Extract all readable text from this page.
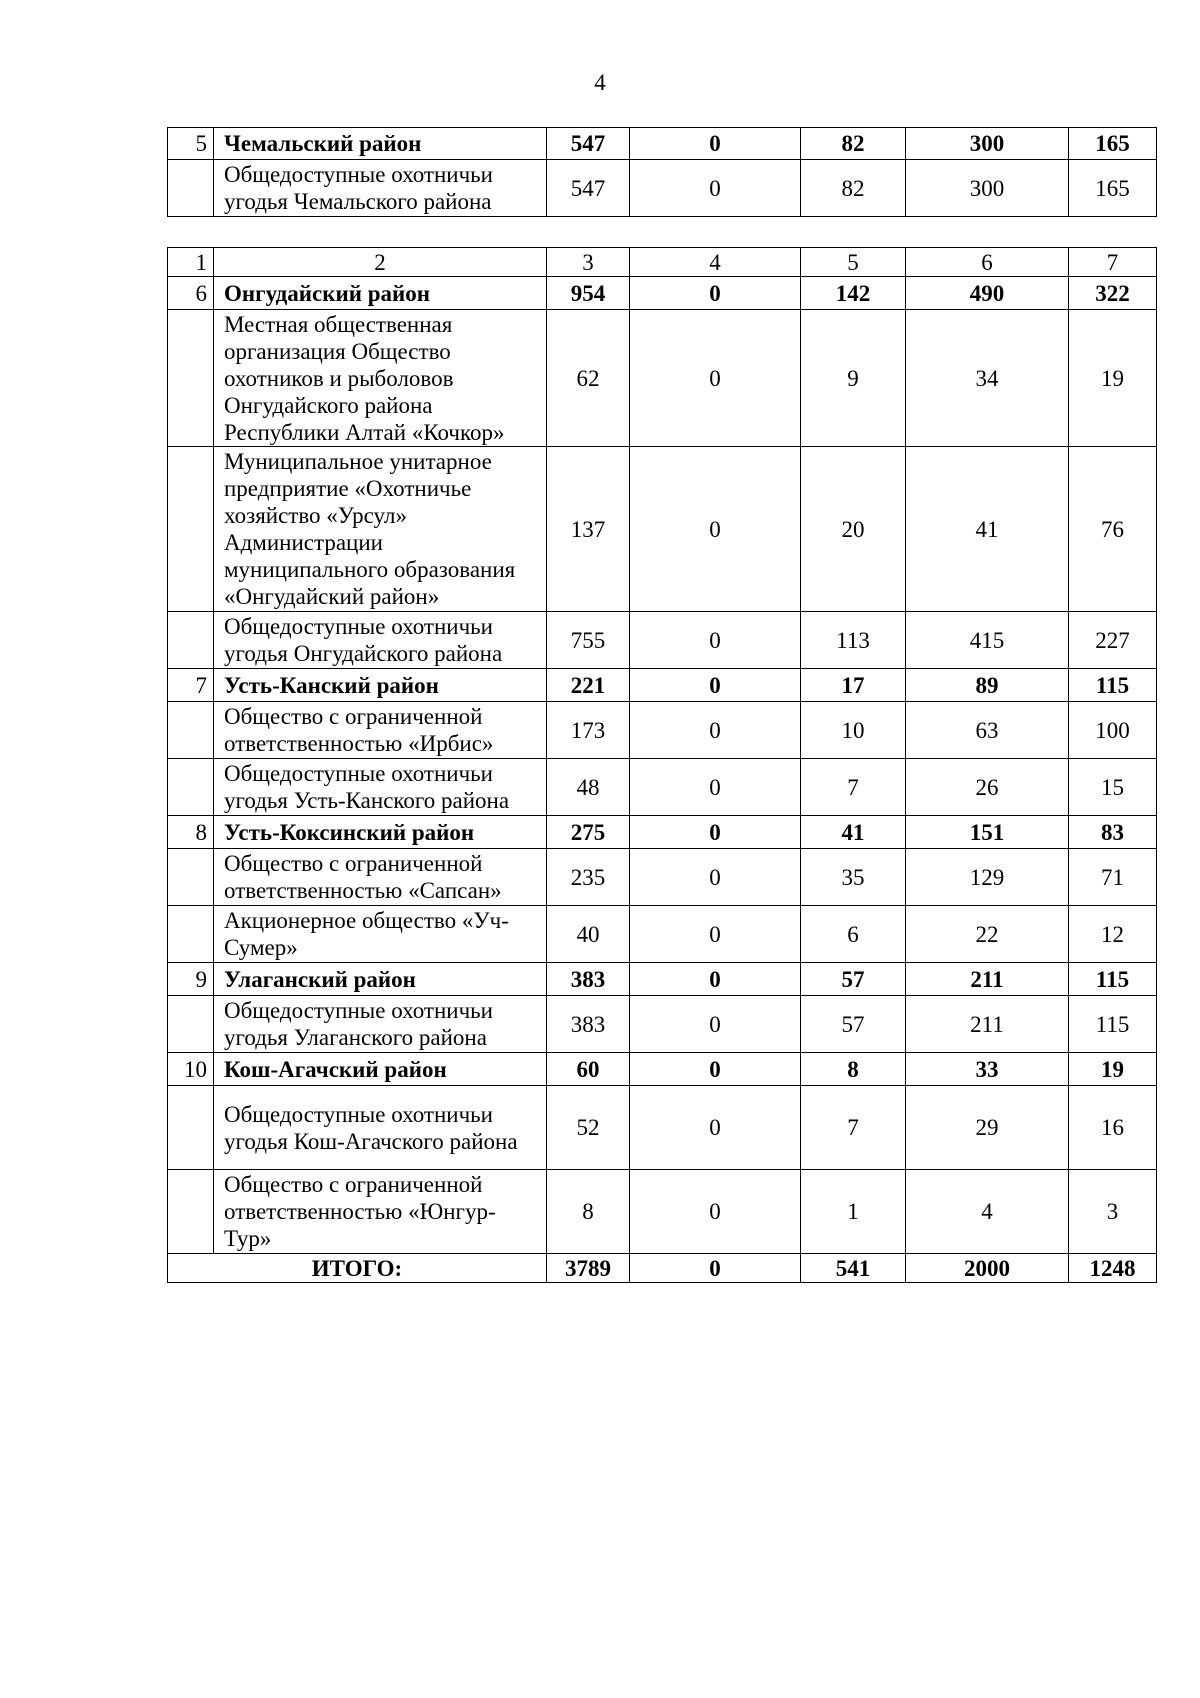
4
5	Чемальский район	547	0	82	300	165
	Общедоступные охотничьи угодья Чемальского района	547	0	82	300	165
1	2	3	4	5	6	7
6	Онгудайский район	954	0	142	490	322
	Местная общественная организация Общество охотников и рыболовов Онгудайского района Республики Алтай «Кочкор»	62	0	9	34	19
	Муниципальное унитарное предприятие «Охотничье хозяйство «Урсул» Администрации муниципального образования «Онгудайский район»	137	0	20	41	76
	Общедоступные охотничьи угодья Онгудайского района	755	0	113	415	227
7	Усть-Канский район	221	0	17	89	115
	Общество с ограниченной ответственностью «Ирбис»	173	0	10	63	100
	Общедоступные охотничьи угодья Усть-Канского района	48	0	7	26	15
8	Усть-Коксинский район	275	0	41	151	83
	Общество с ограниченной ответственностью «Сапсан»	235	0	35	129	71
	Акционерное общество «Уч-Сумер»	40	0	6	22	12
9	Улаганский район	383	0	57	211	115
	Общедоступные охотничьи угодья Улаганского района	383	0	57	211	115
10	Кош-Агачский район	60	0	8	33	19
	Общедоступные охотничьи угодья Кош-Агачского района	52	0	7	29	16
	Общество с ограниченной ответственностью «Юнгур-Тур»	8	0	1	4	3
ИТОГО:		3789	0	541	2000	1248
